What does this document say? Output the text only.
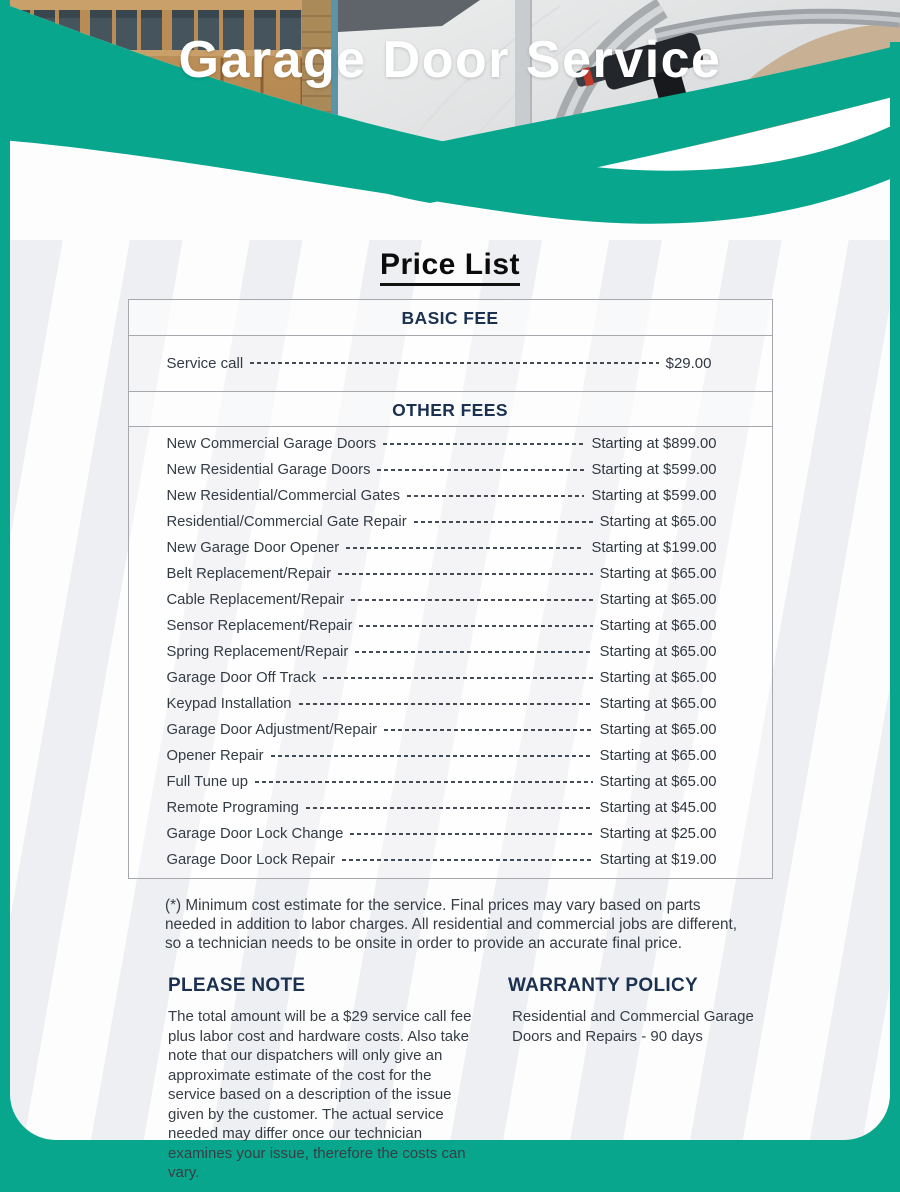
Garage Door Service
Price List
BASIC FEE
Service call	$29.00
OTHER FEES
New Commercial Garage Doors	Starting at $899.00
New Residential Garage Doors	Starting at $599.00
New Residential/Commercial Gates	Starting at $599.00
Residential/Commercial Gate Repair	Starting at $65.00
New Garage Door Opener	Starting at $199.00
Belt Replacement/Repair	Starting at $65.00
Cable Replacement/Repair	Starting at $65.00
Sensor Replacement/Repair	Starting at $65.00
Spring Replacement/Repair	Starting at $65.00
Garage Door Off Track	Starting at $65.00
Keypad Installation	Starting at $65.00
Garage Door Adjustment/Repair	Starting at $65.00
Opener Repair	Starting at $65.00
Full Tune up	Starting at $65.00
Remote Programing	Starting at $45.00
Garage Door Lock Change	Starting at $25.00
Garage Door Lock Repair	Starting at $19.00

(*) Minimum cost estimate for the service. Final prices may vary based on parts needed in addition to labor charges. All residential and commercial jobs are different, so a technician needs to be onsite in order to provide an accurate final price.

PLEASE NOTE

The total amount will be a $29 service call fee plus labor cost and hardware costs. Also take note that our dispatchers will only give an approximate estimate of the cost for the service based on a description of the issue given by the customer. The actual service needed may differ once our technician examines your issue, therefore the costs can vary.

WARRANTY POLICY

Residential and Commercial Garage Doors and Repairs - 90 days
